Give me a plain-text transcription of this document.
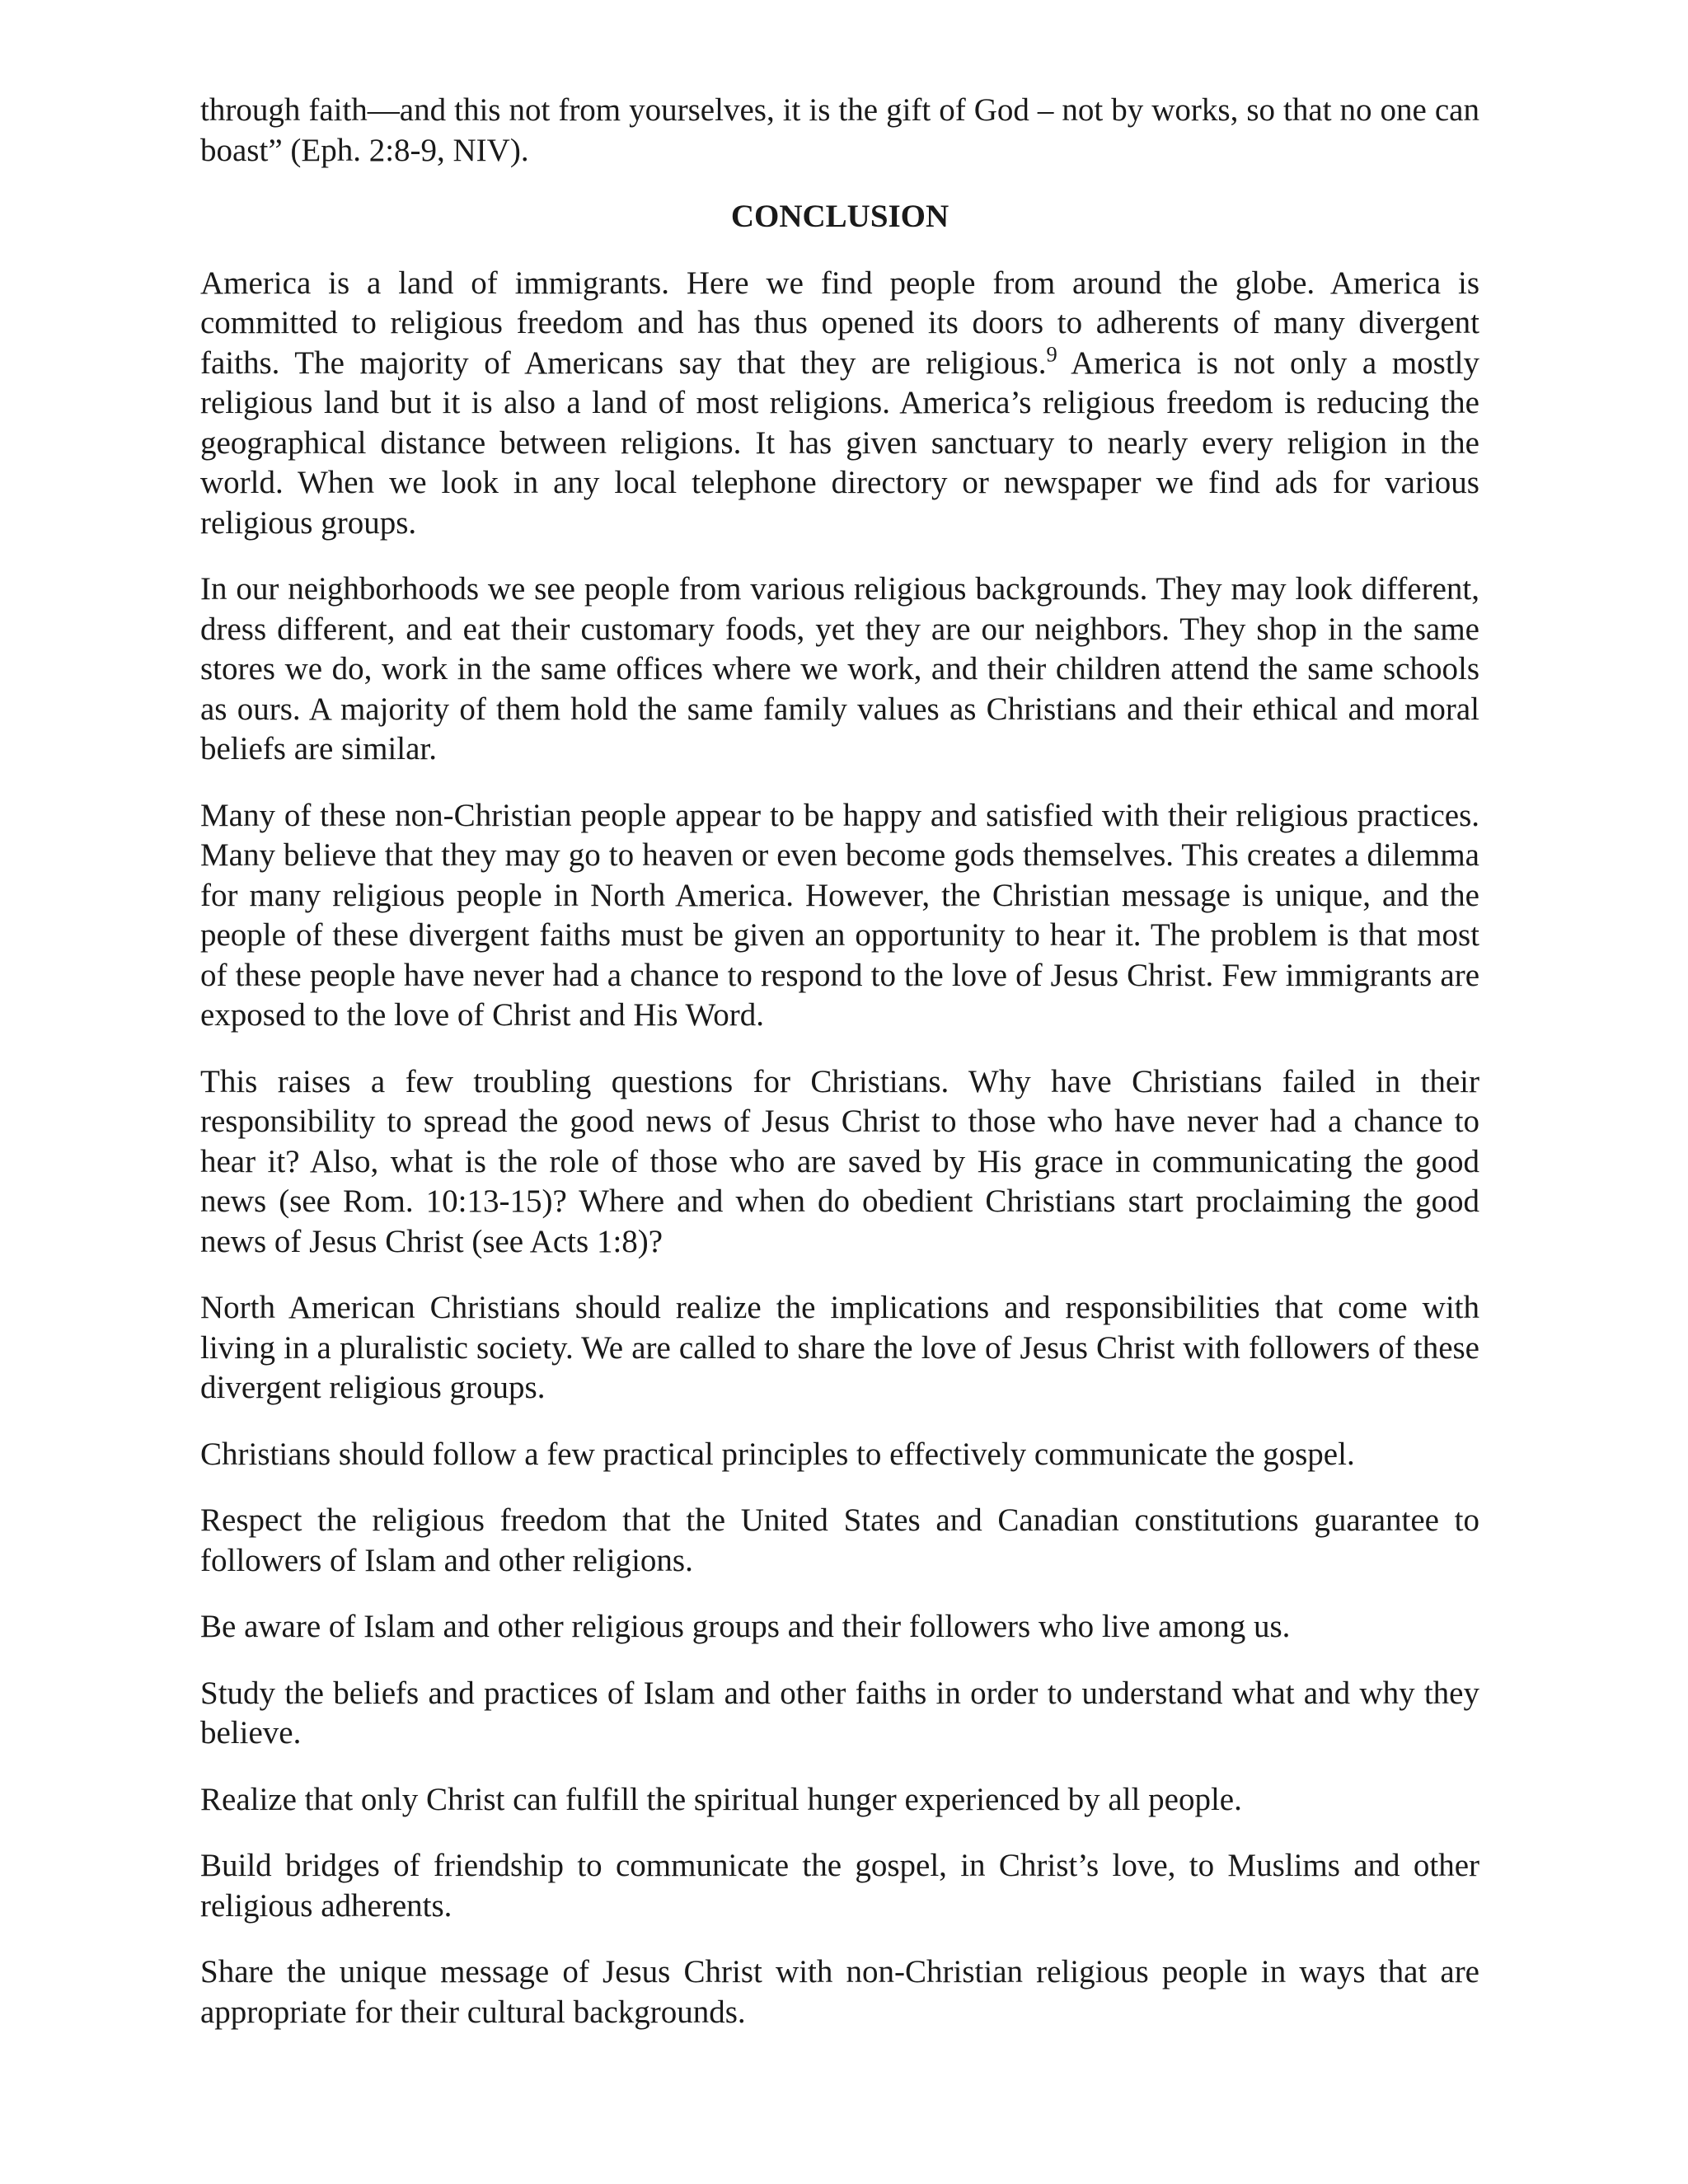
through faith—and this not from yourselves, it is the gift of God – not by works, so that no one can boast” (Eph. 2:8-9, NIV).

CONCLUSION

America is a land of immigrants. Here we find people from around the globe. America is committed to religious freedom and has thus opened its doors to adherents of many divergent faiths. The majority of Americans say that they are religious.$^9$ America is not only a mostly religious land but it is also a land of most religions. America’s religious freedom is reducing the geographical distance between religions. It has given sanctuary to nearly every religion in the world. When we look in any local telephone directory or newspaper we find ads for various religious groups.

In our neighborhoods we see people from various religious backgrounds. They may look different, dress different, and eat their customary foods, yet they are our neighbors. They shop in the same stores we do, work in the same offices where we work, and their children attend the same schools as ours. A majority of them hold the same family values as Christians and their ethical and moral beliefs are similar.

Many of these non-Christian people appear to be happy and satisfied with their religious practices. Many believe that they may go to heaven or even become gods themselves. This creates a dilemma for many religious people in North America. However, the Christian message is unique, and the people of these divergent faiths must be given an opportunity to hear it. The problem is that most of these people have never had a chance to respond to the love of Jesus Christ. Few immigrants are exposed to the love of Christ and His Word.

This raises a few troubling questions for Christians. Why have Christians failed in their responsibility to spread the good news of Jesus Christ to those who have never had a chance to hear it? Also, what is the role of those who are saved by His grace in communicating the good news (see Rom. 10:13-15)? Where and when do obedient Christians start proclaiming the good news of Jesus Christ (see Acts 1:8)?

North American Christians should realize the implications and responsibilities that come with living in a pluralistic society. We are called to share the love of Jesus Christ with followers of these divergent religious groups.

Christians should follow a few practical principles to effectively communicate the gospel.

Respect the religious freedom that the United States and Canadian constitutions guarantee to followers of Islam and other religions.

Be aware of Islam and other religious groups and their followers who live among us.

Study the beliefs and practices of Islam and other faiths in order to understand what and why they believe.

Realize that only Christ can fulfill the spiritual hunger experienced by all people.

Build bridges of friendship to communicate the gospel, in Christ’s love, to Muslims and other religious adherents.

Share the unique message of Jesus Christ with non-Christian religious people in ways that are appropriate for their cultural backgrounds.
